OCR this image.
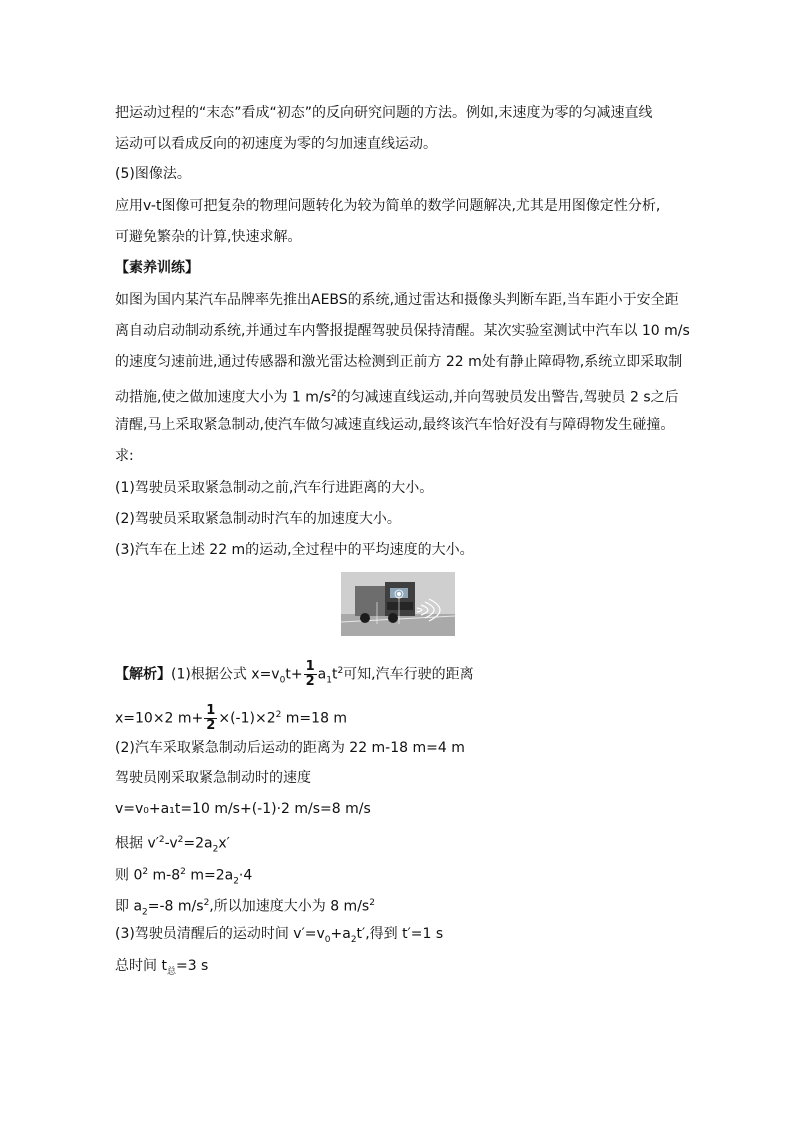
把运动过程的“末态”看成“初态”的反向研究问题的方法。例如,末速度为零的匀减速直线
运动可以看成反向的初速度为零的匀加速直线运动。
(5)图像法。
应用v-t图像可把复杂的物理问题转化为较为简单的数学问题解决,尤其是用图像定性分析,
可避免繁杂的计算,快速求解。
【素养训练】
如图为国内某汽车品牌率先推出AEBS的系统,通过雷达和摄像头判断车距,当车距小于安全距
离自动启动制动系统,并通过车内警报提醒驾驶员保持清醒。某次实验室测试中汽车以 10 m/s
的速度匀速前进,通过传感器和激光雷达检测到正前方 22 m处有静止障碍物,系统立即采取制
动措施,使之做加速度大小为 1 $m/s^2$的匀减速直线运动,并向驾驶员发出警告,驾驶员 2 s之后
清醒,马上采取紧急制动,使汽车做匀减速直线运动,最终该汽车恰好没有与障碍物发生碰撞。
求:
(1)驾驶员采取紧急制动之前,汽车行进距离的大小。
(2)驾驶员采取紧急制动时汽车的加速度大小。
(3)汽车在上述 22 m的运动,全过程中的平均速度的大小。
【解析】(1)根据公式 $x=v_0t+ \frac{1}{2} a_1t^2$可知,汽车行驶的距离
x=10×2 $m+ \frac{1}{2} \times(-1)\times 2^2$ m=18 m
(2)汽车采取紧急制动后运动的距离为 22 m-18 m=4 m
驾驶员刚采取紧急制动时的速度
v=v₀+a₁t=10 m/s+(-1)·2 m/s=8 m/s
根据 $v'^2-v^2=2a_2x'$
则 $0^2$ $m-8^2$ $m=2a_2\cdot 4$
即 $a_2=-8$ $m/s^2$,所以加速度大小为 8 $m/s^2$
(3)驾驶员清醒后的运动时间 $v'=v_0+a_2t'$,得到 t′=1 s
总时间 $t_总=3$ s
